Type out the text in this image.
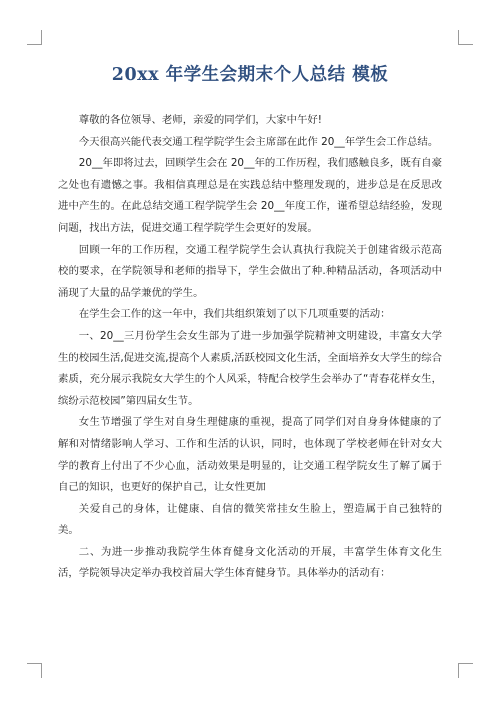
20xx 年学生会期末个人总结 模板

尊敬的各位领导、老师，亲爱的同学们，大家中午好!

今天很高兴能代表交通工程学院学生会主席部在此作 20__年学生会工作总结。

20__年即将过去，回顾学生会在 20__年的工作历程，我们感触良多，既有自豪之处也有遗憾之事。我相信真理总是在实践总结中整理发现的，进步总是在反思改进中产生的。在此总结交通工程学院学生会 20__年度工作，谨希望总结经验，发现问题，找出方法，促进交通工程学院学生会更好的发展。

回顾一年的工作历程，交通工程学院学生会认真执行我院关于创建省级示范高校的要求，在学院领导和老师的指导下，学生会做出了种.种精品活动，各项活动中涌现了大量的品学兼优的学生。

在学生会工作的这一年中，我们共组织策划了以下几项重要的活动：

一、20__三月份学生会女生部为了进一步加强学院精神文明建设，丰富女大学生的校园生活,促进交流,提高个人素质,活跃校园文化生活，全面培养女大学生的综合素质，充分展示我院女大学生的个人风采，特配合校学生会举办了“青春花样女生，缤纷示范校园”第四届女生节。

女生节增强了学生对自身生理健康的重视，提高了同学们对自身身体健康的了解和对情绪影响人学习、工作和生活的认识，同时，也体现了学校老师在针对女大学的教育上付出了不少心血，活动效果是明显的，让交通工程学院女生了解了属于自己的知识，也更好的保护自己，让女性更加

关爱自己的身体，让健康、自信的微笑常挂女生脸上，塑造属于自己独特的美。

二、为进一步推动我院学生体育健身文化活动的开展，丰富学生体育文化生活，学院领导决定举办我校首届大学生体育健身节。具体举办的活动有：
